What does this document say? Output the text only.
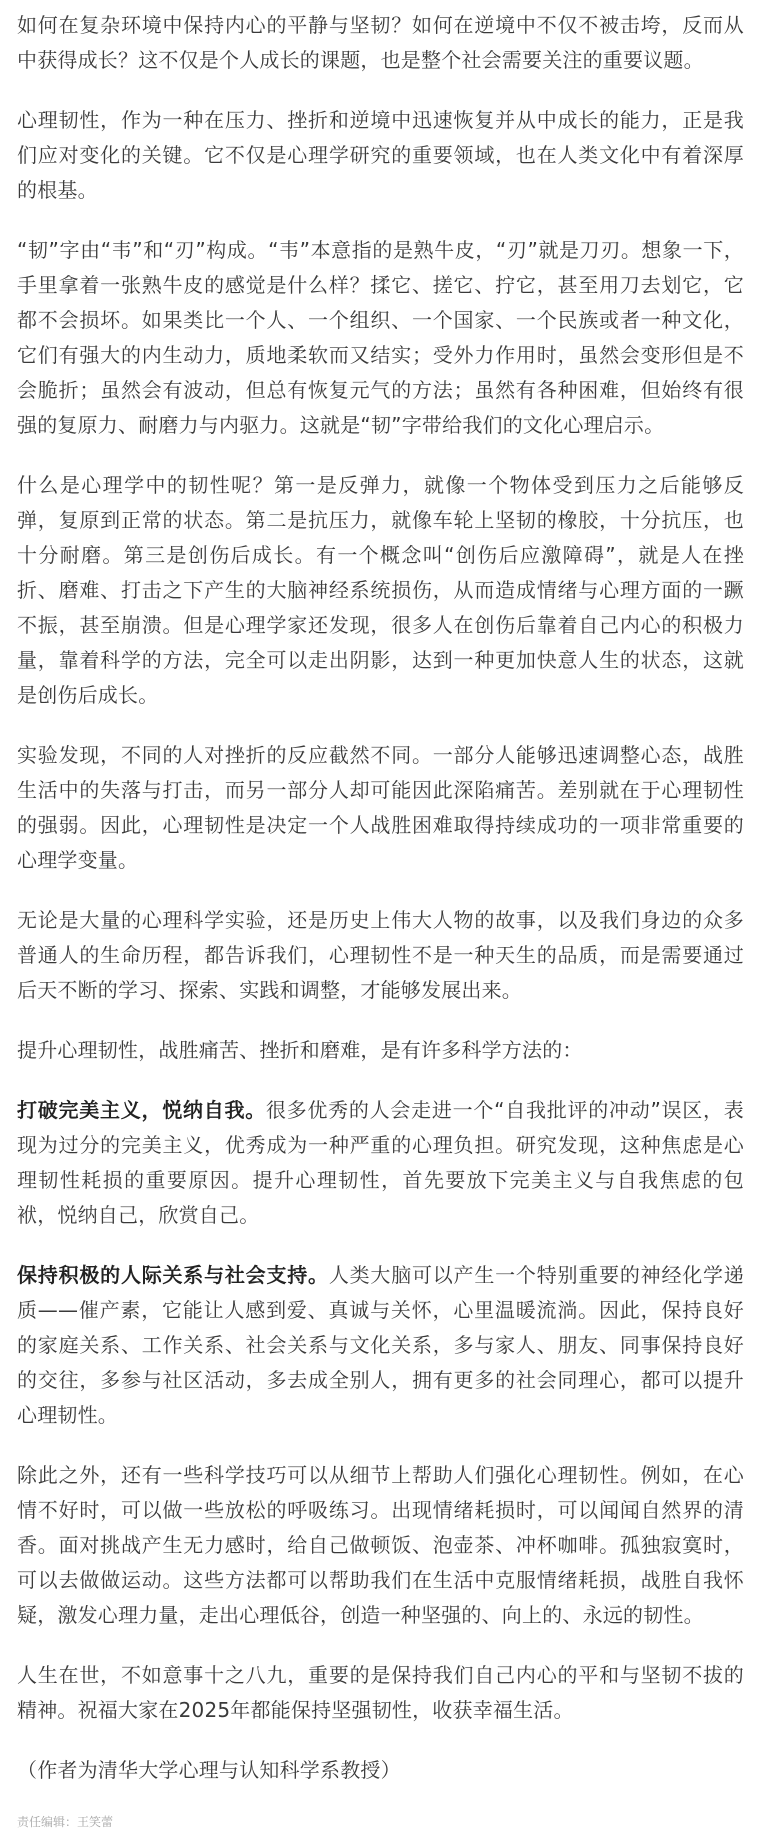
如何在复杂环境中保持内心的平静与坚韧？如何在逆境中不仅不被击垮，反而从中获得成长？这不仅是个人成长的课题，也是整个社会需要关注的重要议题。

心理韧性，作为一种在压力、挫折和逆境中迅速恢复并从中成长的能力，正是我们应对变化的关键。它不仅是心理学研究的重要领域，也在人类文化中有着深厚的根基。

“韧”字由“韦”和“刃”构成。“韦”本意指的是熟牛皮，“刃”就是刀刃。想象一下，手里拿着一张熟牛皮的感觉是什么样？揉它、搓它、拧它，甚至用刀去划它，它都不会损坏。如果类比一个人、一个组织、一个国家、一个民族或者一种文化，它们有强大的内生动力，质地柔软而又结实；受外力作用时，虽然会变形但是不会脆折；虽然会有波动，但总有恢复元气的方法；虽然有各种困难，但始终有很强的复原力、耐磨力与内驱力。这就是“韧”字带给我们的文化心理启示。

什么是心理学中的韧性呢？第一是反弹力，就像一个物体受到压力之后能够反弹，复原到正常的状态。第二是抗压力，就像车轮上坚韧的橡胶，十分抗压，也十分耐磨。第三是创伤后成长。有一个概念叫“创伤后应激障碍”，就是人在挫折、磨难、打击之下产生的大脑神经系统损伤，从而造成情绪与心理方面的一蹶不振，甚至崩溃。但是心理学家还发现，很多人在创伤后靠着自己内心的积极力量，靠着科学的方法，完全可以走出阴影，达到一种更加快意人生的状态，这就是创伤后成长。

实验发现，不同的人对挫折的反应截然不同。一部分人能够迅速调整心态，战胜生活中的失落与打击，而另一部分人却可能因此深陷痛苦。差别就在于心理韧性的强弱。因此，心理韧性是决定一个人战胜困难取得持续成功的一项非常重要的心理学变量。

无论是大量的心理科学实验，还是历史上伟大人物的故事，以及我们身边的众多普通人的生命历程，都告诉我们，心理韧性不是一种天生的品质，而是需要通过后天不断的学习、探索、实践和调整，才能够发展出来。

提升心理韧性，战胜痛苦、挫折和磨难，是有许多科学方法的：

打破完美主义，悦纳自我。很多优秀的人会走进一个“自我批评的冲动”误区，表现为过分的完美主义，优秀成为一种严重的心理负担。研究发现，这种焦虑是心理韧性耗损的重要原因。提升心理韧性，首先要放下完美主义与自我焦虑的包袱，悦纳自己，欣赏自己。

保持积极的人际关系与社会支持。人类大脑可以产生一个特别重要的神经化学递质——催产素，它能让人感到爱、真诚与关怀，心里温暖流淌。因此，保持良好的家庭关系、工作关系、社会关系与文化关系，多与家人、朋友、同事保持良好的交往，多参与社区活动，多去成全别人，拥有更多的社会同理心，都可以提升心理韧性。

除此之外，还有一些科学技巧可以从细节上帮助人们强化心理韧性。例如，在心情不好时，可以做一些放松的呼吸练习。出现情绪耗损时，可以闻闻自然界的清香。面对挑战产生无力感时，给自己做顿饭、泡壶茶、冲杯咖啡。孤独寂寞时，可以去做做运动。这些方法都可以帮助我们在生活中克服情绪耗损，战胜自我怀疑，激发心理力量，走出心理低谷，创造一种坚强的、向上的、永远的韧性。

人生在世，不如意事十之八九，重要的是保持我们自己内心的平和与坚韧不拔的精神。祝福大家在2025年都能保持坚强韧性，收获幸福生活。

（作者为清华大学心理与认知科学系教授）

责任编辑：王笑蕾
